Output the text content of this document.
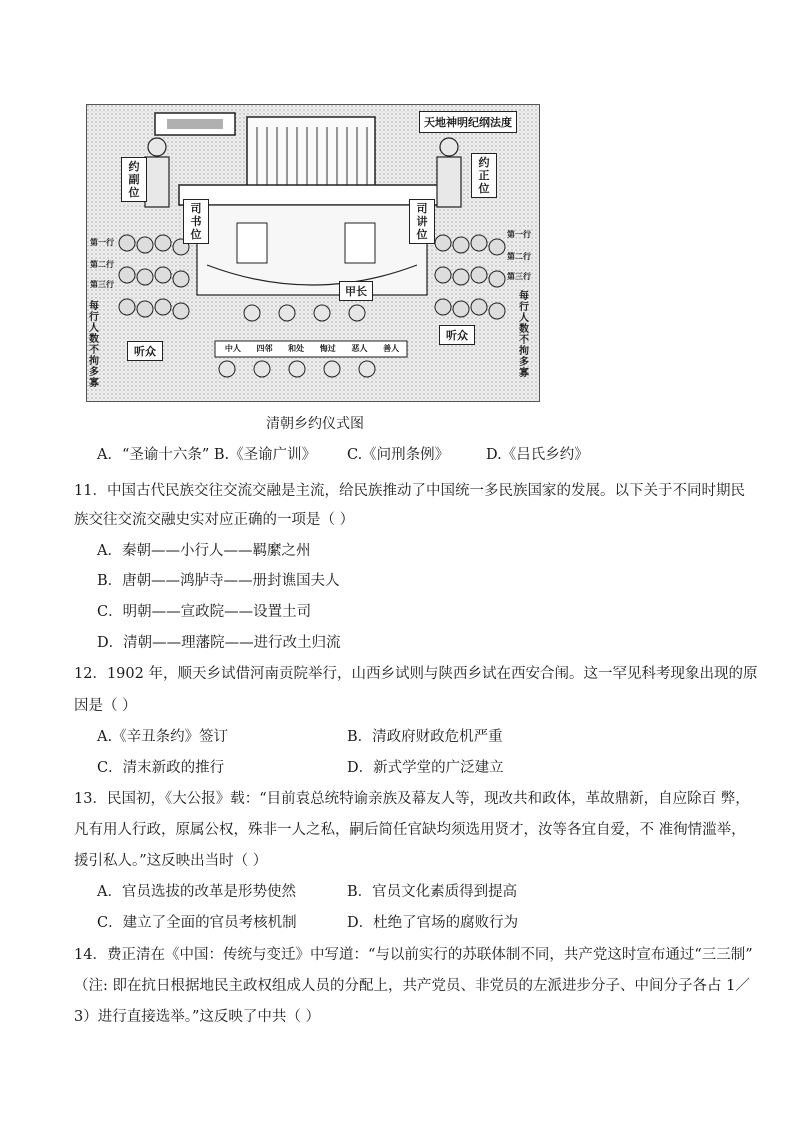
天地神明纪纲法度
约副位
约正位
司书位
司讲位
甲长
听众
听众
第一行
第二行
第三行
第一行
第二行
第三行
每行人数不拘多寡
每行人数不拘多寡
中人 四邻 和处 悔过 恶人 善人
清朝乡约仪式图
A．“圣谕十六条” B.《圣谕广训》 C.《问刑条例》	D.《吕氏乡约》
11．中国古代民族交往交流交融是主流，给民族推动了中国统一多民族国家的发展。以下关于不同时期民
族交往交流交融史实对应正确的一项是（ ）
A．秦朝——小行人——羁縻之州
B．唐朝——鸿胪寺——册封谯国夫人
C．明朝——宣政院——设置土司
D．清朝——理藩院——进行改土归流
12．1902 年，顺天乡试借河南贡院举行，山西乡试则与陕西乡试在西安合闱。这一罕见科考现象出现的原
因是（ ）
A.《辛丑条约》签订	B．清政府财政危机严重
C．清末新政的推行	D．新式学堂的广泛建立
13．民国初，《大公报》载：“目前袁总统特谕亲族及幕友人等，现改共和政体，革故鼎新，自应除百 弊，
凡有用人行政，原属公权，殊非一人之私，嗣后简任官缺均须选用贤才，汝等各宜自爱，不 准徇情滥举，
援引私人。”这反映出当时（ ）
A．官员选拔的改革是形势使然	B．官员文化素质得到提高
C．建立了全面的官员考核机制	D．杜绝了官场的腐败行为
14．费正清在《中国：传统与变迁》中写道：“与以前实行的苏联体制不同，共产党这时宣布通过“三三制”
（注: 即在抗日根据地民主政权组成人员的分配上，共产党员、非党员的左派进步分子、中间分子各占 1／
3）进行直接选举。”这反映了中共（ ）
